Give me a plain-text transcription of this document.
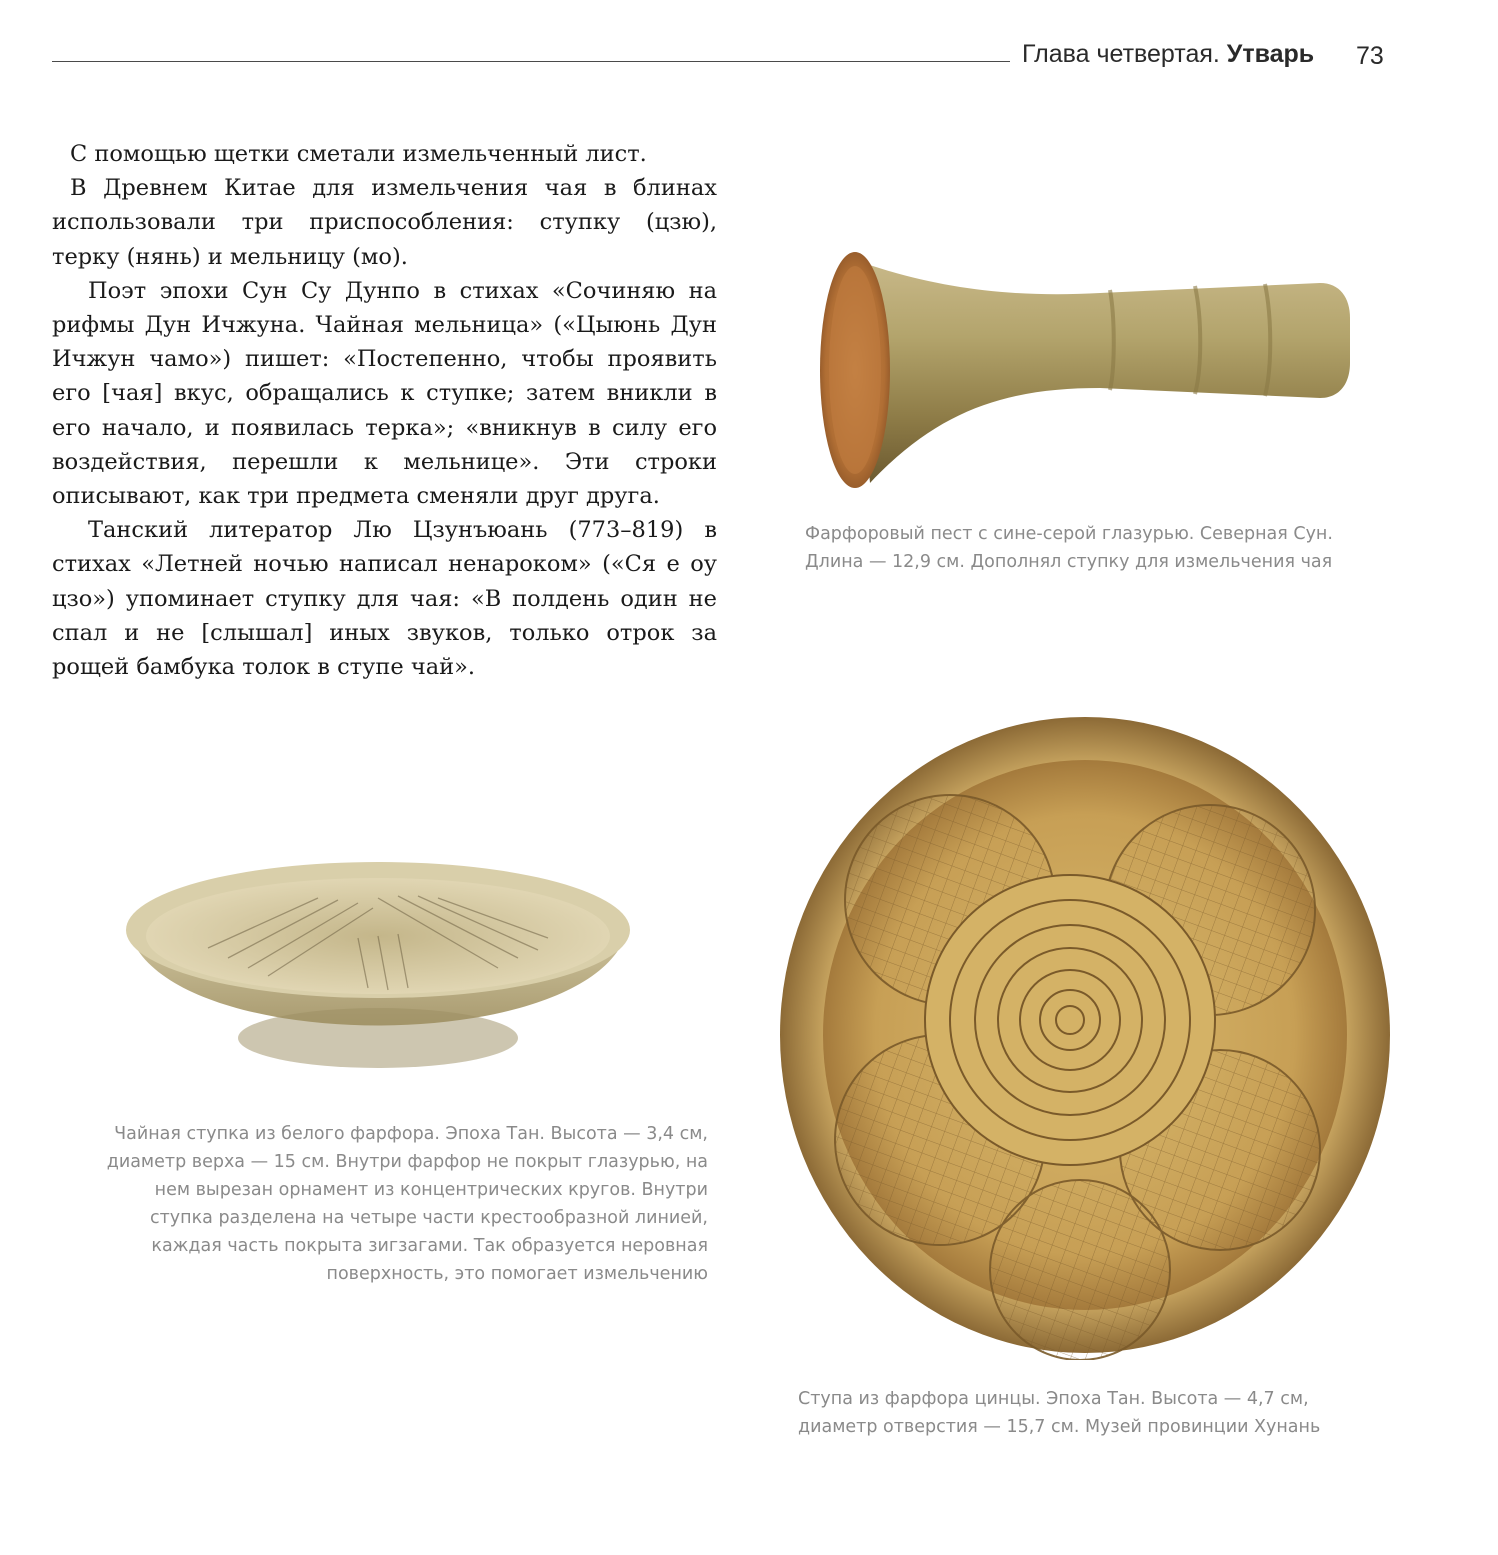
Глава четвертая. Утварь 73

С помощью щетки сметали измельченный лист.

В Древнем Китае для измельчения чая в блинах использовали три приспособления: ступку (цзю), терку (нянь) и мельницу (мо).

Поэт эпохи Сун Су Дунпо в стихах «Сочиняю на рифмы Дун Ичжуна. Чайная мельница» («Цыюнь Дун Ичжун чамо») пишет: «Постепенно, чтобы проявить его [чая] вкус, обращались к ступке; затем вникли в его начало, и появилась терка»; «вникнув в силу его воздействия, перешли к мельнице». Эти строки описывают, как три предмета сменяли друг друга.

Танский литератор Лю Цзунъюань (773–819) в стихах «Летней ночью написал ненароком» («Ся е оу цзо») упоминает ступку для чая: «В полдень один не спал и не [слышал] иных звуков, только отрок за рощей бамбука толок в ступе чай».

Фарфоровый пест с сине-серой глазурью. Северная Сун. Длина — 12,9 см. Дополнял ступку для измельчения чая
Чайная ступка из белого фарфора. Эпоха Тан. Высота — 3,4 см, диаметр верха — 15 см. Внутри фарфор не покрыт глазурью, на нем вырезан орнамент из концентрических кругов. Внутри ступка разделена на четыре части крестообразной линией, каждая часть покрыта зигзагами. Так образуется неровная поверхность, это помогает измельчению
Ступа из фарфора цинцы. Эпоха Тан. Высота — 4,7 см, диаметр отверстия — 15,7 см. Музей провинции Хунань
